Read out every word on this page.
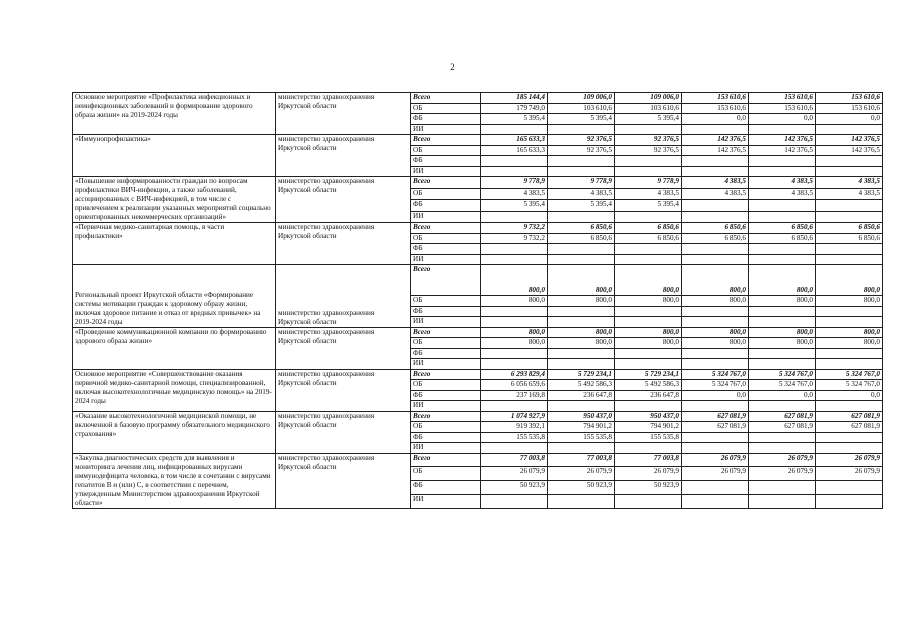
2
Основное мероприятие «Профилактика инфекционных и неинфекционных заболеваний и формирование здорового образа жизни» на 2019-2024 годы	министерство здравоохранения Иркутской области	Всего	185 144,4	109 006,0	109 006,0	153 610,6	153 610,6	153 610,6
		ОБ	179 749,0	103 610,6	103 610,6	153 610,6	153 610,6	153 610,6
		ФБ	5 395,4	5 395,4	5 395,4	0,0	0,0	0,0
		ИИ						
«Иммунопрофилактика»	министерство здравоохранения Иркутской области	Всего	165 633,3	92 376,5	92 376,5	142 376,5	142 376,5	142 376,5
		ОБ	165 633,3	92 376,5	92 376,5	142 376,5	142 376,5	142 376,5
		ФБ						
		ИИ						
«Повышение информированности граждан по вопросам профилактики ВИЧ-инфекции, а также заболеваний, ассоциированных с ВИЧ-инфекцией, в том числе с привлечением к реализации указанных мероприятий социально ориентированных некоммерческих организаций»	министерство здравоохранения Иркутской области	Всего	9 778,9	9 778,9	9 778,9	4 383,5	4 383,5	4 383,5
		ОБ	4 383,5	4 383,5	4 383,5	4 383,5	4 383,5	4 383,5
		ФБ	5 395,4	5 395,4	5 395,4			
		ИИ						
«Первичная медико-санитарная помощь, в части профилактики»	министерство здравоохранения Иркутской области	Всего	9 732,2	6 850,6	6 850,6	6 850,6	6 850,6	6 850,6
		ОБ	9 732,2	6 850,6	6 850,6	6 850,6	6 850,6	6 850,6
		ФБ						
		ИИ						
Региональный проект Иркутской области «Формирование системы мотивации граждан к здоровому образу жизни, включая здоровое питание и отказ от вредных привычек» на 2019-2024 годы	министерство здравоохранения Иркутской области	Всего	800,0	800,0	800,0	800,0	800,0	800,0
		ОБ	800,0	800,0	800,0	800,0	800,0	800,0
		ФБ						
		ИИ						
«Проведение коммуникационной компании по формированию здорового образа жизни»	министерство здравоохранения Иркутской области	Всего	800,0	800,0	800,0	800,0	800,0	800,0
		ОБ	800,0	800,0	800,0	800,0	800,0	800,0
		ФБ						
		ИИ						
Основное мероприятие «Совершенствование оказания первичной медико-санитарной помощи, специализированной, включая высокотехнологичные медицинскую помощь» на 2019-2024 годы	министерство здравоохранения Иркутской области	Всего	6 293 829,4	5 729 234,1	5 729 234,1	5 324 767,0	5 324 767,0	5 324 767,0
		ОБ	6 056 659,6	5 492 586,3	5 492 586,3	5 324 767,0	5 324 767,0	5 324 767,0
		ФБ	237 169,8	236 647,8	236 647,8	0,0	0,0	0,0
		ИИ						
«Оказание высокотехнологичной медицинской помощи, не включенной в базовую программу обязательного медицинского страхования»	министерство здравоохранения Иркутской области	Всего	1 074 927,9	950 437,0	950 437,0	627 081,9	627 081,9	627 081,9
		ОБ	919 392,1	794 901,2	794 901,2	627 081,9	627 081,9	627 081,9
		ФБ	155 535,8	155 535,8	155 535,8			
		ИИ						
«Закупка диагностических средств для выявления и мониторинга лечения лиц, инфицированных вирусами иммунодефицита человека, в том числе в сочетании с вирусами гепатитов B и (или) C, в соответствии с перечнем, утвержденным Министерством здравоохранения Иркутской области»	министерство здравоохранения Иркутской области	Всего	77 003,8	77 003,8	77 003,8	26 079,9	26 079,9	26 079,9
		ОБ	26 079,9	26 079,9	26 079,9	26 079,9	26 079,9	26 079,9
		ФБ	50 923,9	50 923,9	50 923,9			
		ИИ						
